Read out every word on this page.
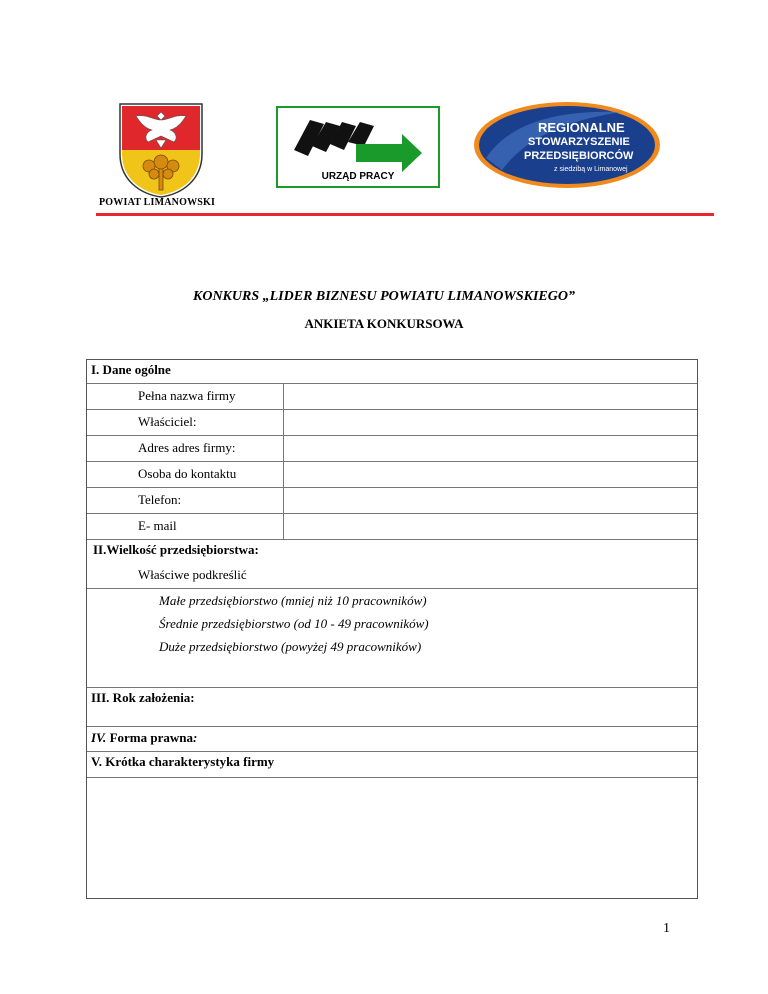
POWIAT LIMANOWSKI
URZĄD PRACY
REGIONALNE
STOWARZYSZENIE
PRZEDSIĘBIORCÓW
z siedzibą w Limanowej
KONKURS „LIDER BIZNESU POWIATU LIMANOWSKIEGO”
ANKIETA KONKURSOWA
I. Dane ogólne
Pełna nazwa firmy
Właściciel:
Adres adres firmy:
Osoba do kontaktu
Telefon:
E- mail
II.Wielkość przedsiębiorstwa:
Właściwe podkreślić
Małe przedsiębiorstwo (mniej niż 10 pracowników)
Średnie przedsiębiorstwo (od 10 - 49 pracowników)
Duże przedsiębiorstwo (powyżej 49 pracowników)
III. Rok założenia:
IV. Forma prawna:
V. Krótka charakterystyka firmy
1
